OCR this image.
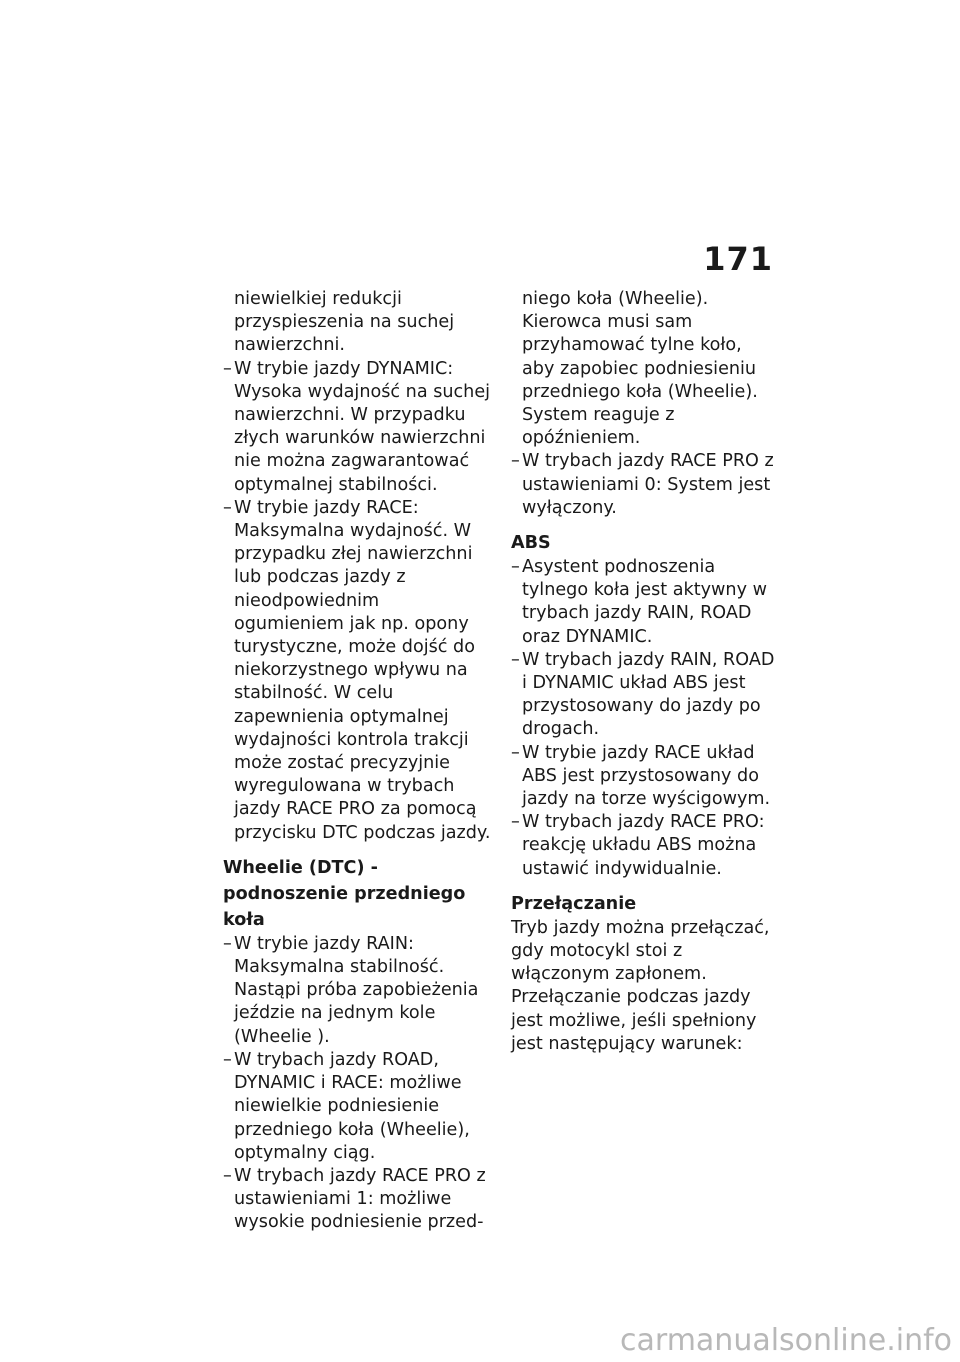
171

niewielkiej redukcji przyspieszenia na suchej nawierzchni.

– W trybie jazdy DYNAMIC: Wysoka wydajność na suchej nawierzchni. W przypadku złych warunków nawierzchni nie można zagwarantować optymalnej stabilności.
– W trybie jazdy RACE: Maksymalna wydajność. W przypadku złej nawierzchni lub podczas jazdy z nieodpowiednim ogumieniem jak np. opony turystyczne, może dojść do niekorzystnego wpływu na stabilność. W celu zapewnienia optymalnej wydajności kontrola trakcji może zostać precyzyjnie wyregulowana w trybach jazdy RACE PRO za pomocą przycisku DTC podczas jazdy.
Wheelie (DTC) - podnoszenie przedniego koła
– W trybie jazdy RAIN: Maksymalna stabilność. Nastąpi próba zapobieżenia jeździe na jednym kole (Wheelie ).
– W trybach jazdy ROAD, DYNAMIC i RACE: możliwe niewielkie podniesienie przedniego koła (Wheelie), optymalny ciąg.
– W trybach jazdy RACE PRO z ustawieniami 1: możliwe wysokie podniesienie przed-

niego koła (Wheelie). Kierowca musi sam przyhamować tylne koło, aby zapobiec podniesieniu przedniego koła (Wheelie). System reaguje z opóźnieniem.

– W trybach jazdy RACE PRO z ustawieniami 0: System jest wyłączony.
ABS
– Asystent podnoszenia tylnego koła jest aktywny w trybach jazdy RAIN, ROAD oraz DYNAMIC.
– W trybach jazdy RAIN, ROAD i DYNAMIC układ ABS jest przystosowany do jazdy po drogach.
– W trybie jazdy RACE układ ABS jest przystosowany do jazdy na torze wyścigowym.
– W trybach jazdy RACE PRO: reakcję układu ABS można ustawić indywidualnie.
Przełączanie

Tryb jazdy można przełączać, gdy motocykl stoi z włączonym zapłonem. Przełączanie podczas jazdy jest możliwe, jeśli spełniony jest następujący warunek:

carmanualsonline.info
